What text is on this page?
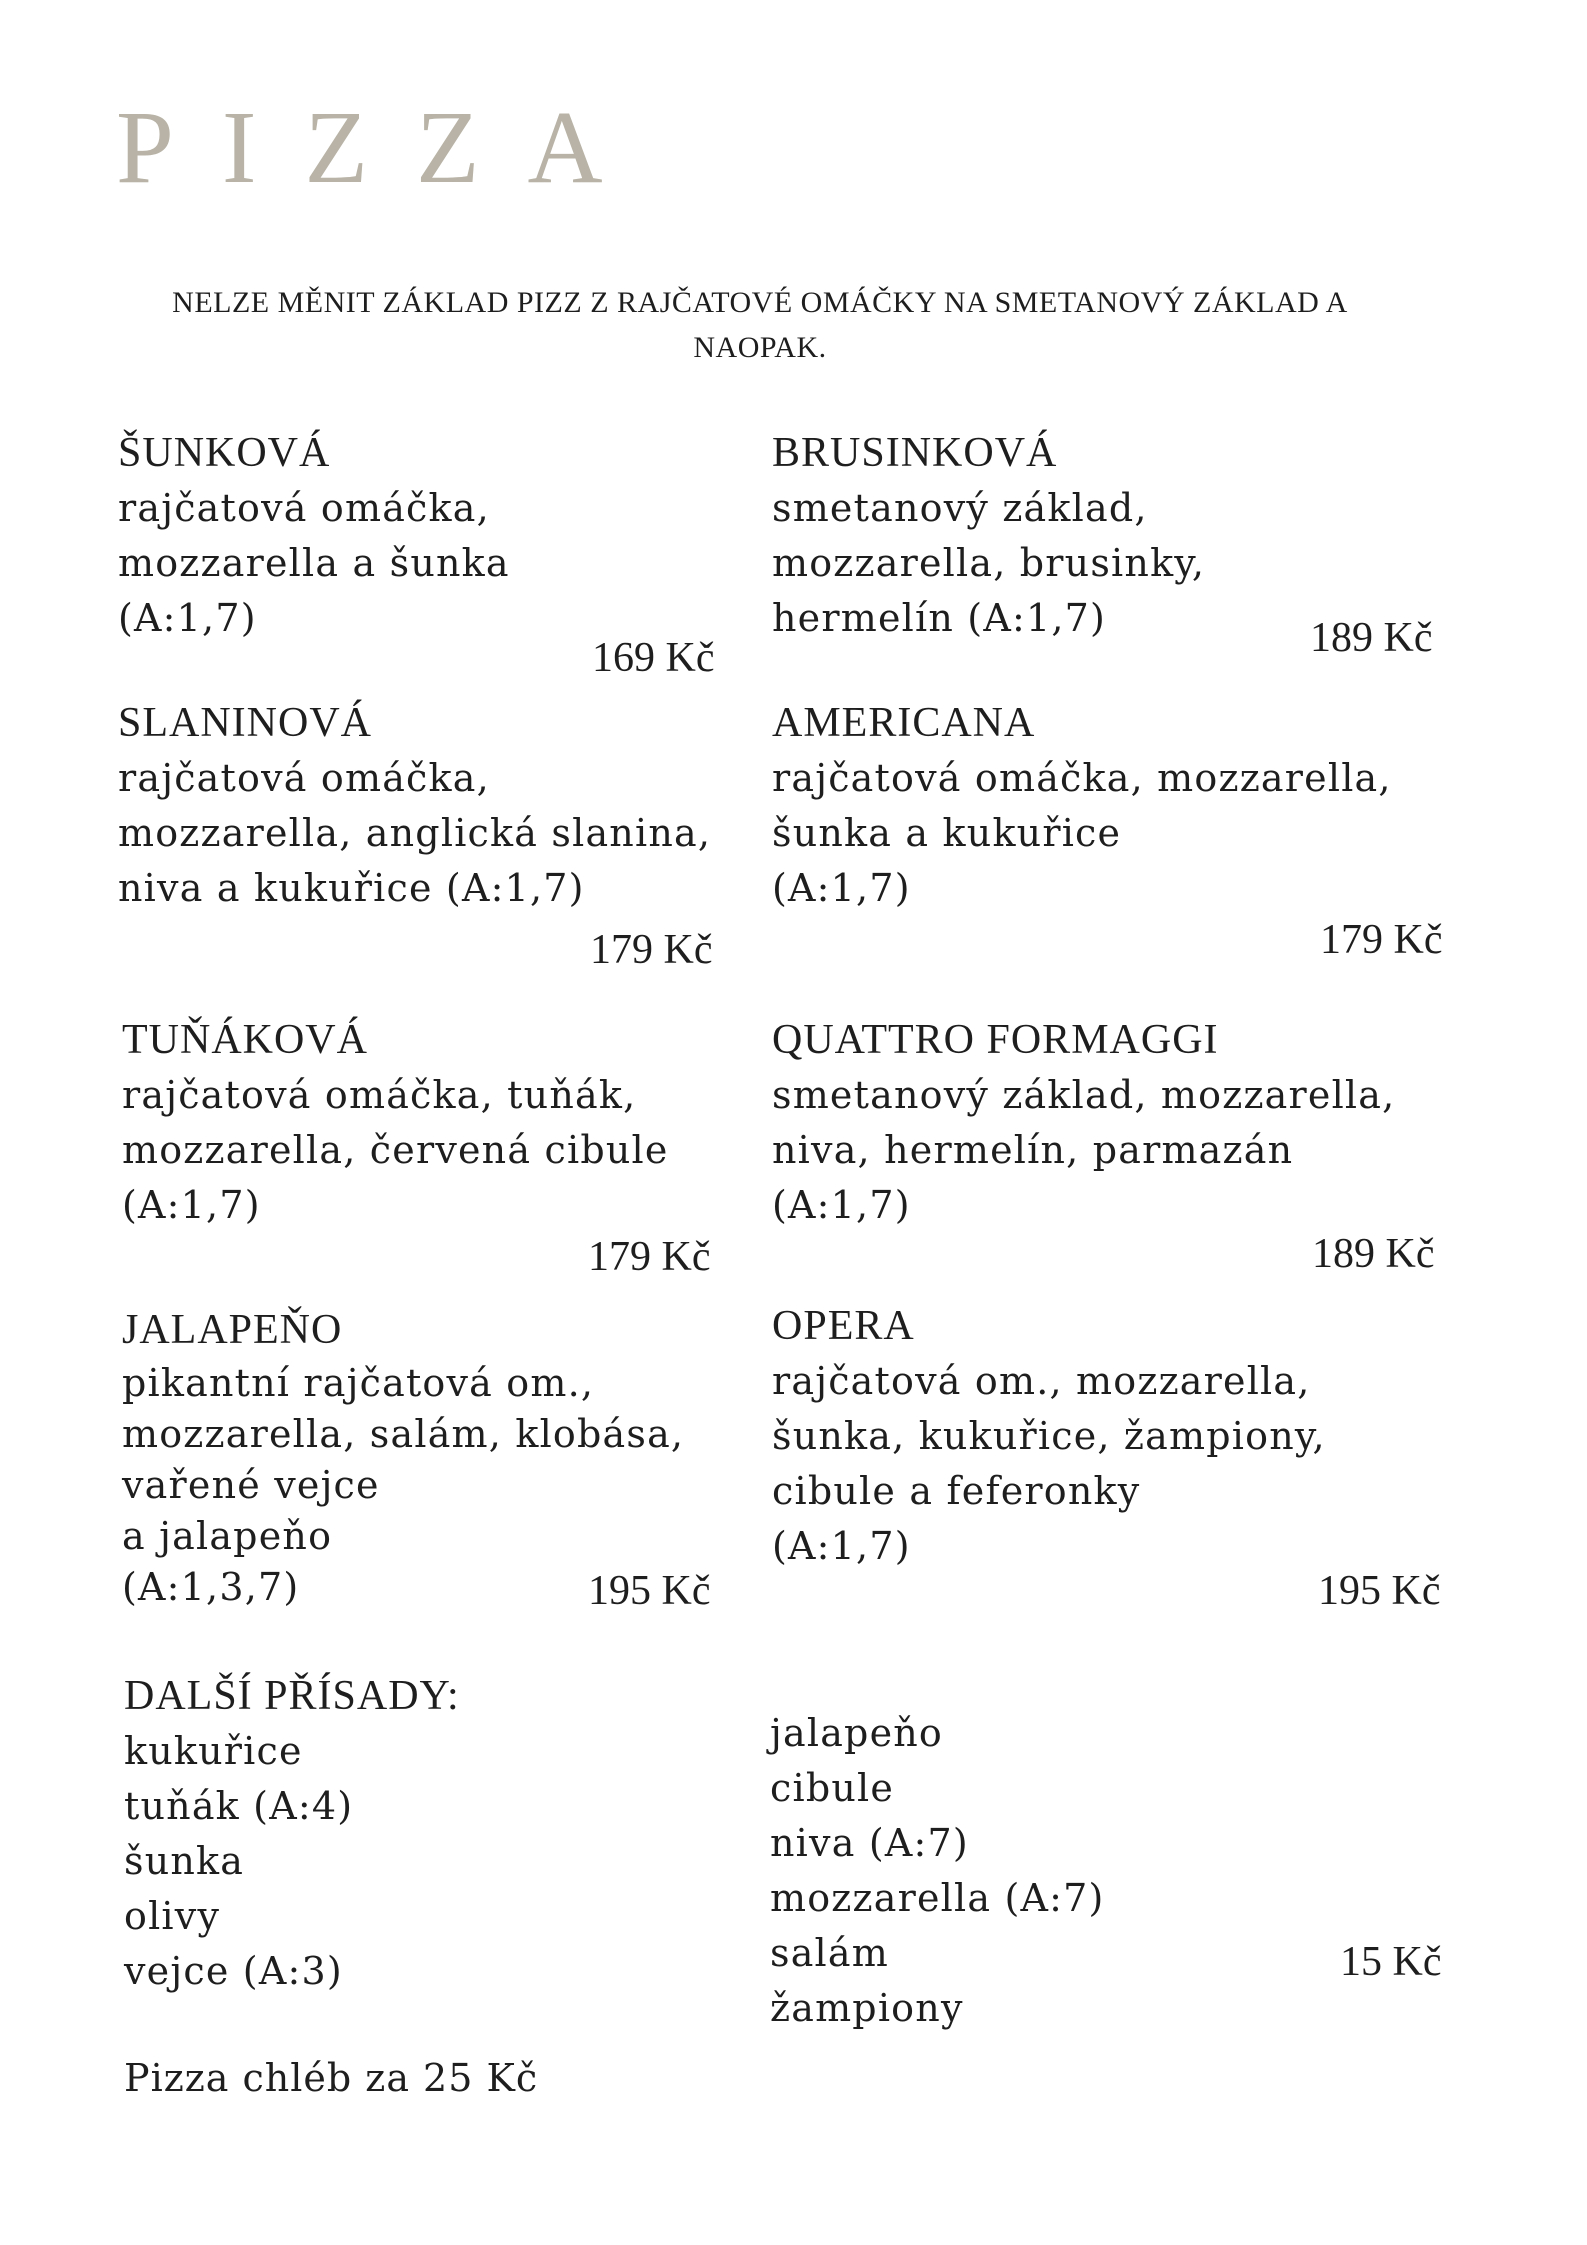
PIZZA
NELZE MĚNIT ZÁKLAD PIZZ Z RAJČATOVÉ OMÁČKY NA SMETANOVÝ ZÁKLAD A NAOPAK.
ŠUNKOVÁ
rajčatová omáčka,
mozzarella a šunka
(A:1,7)
169 Kč
BRUSINKOVÁ
smetanový základ,
mozzarella, brusinky,
hermelín (A:1,7)	189 Kč
SLANINOVÁ
rajčatová omáčka,
mozzarella, anglická slanina,
niva a kukuřice (A:1,7)
179 Kč
AMERICANA
rajčatová omáčka, mozzarella,
šunka a kukuřice
(A:1,7)
179 Kč
TUŇÁKOVÁ
rajčatová omáčka, tuňák,
mozzarella, červená cibule
(A:1,7)
179 Kč
QUATTRO FORMAGGI
smetanový základ, mozzarella,
niva, hermelín, parmazán
(A:1,7)
189 Kč
JALAPEŇO
pikantní rajčatová om.,
mozzarella, salám, klobása,
vařené vejce
a jalapeňo
(A:1,3,7)	195 Kč
OPERA
rajčatová om., mozzarella,
šunka, kukuřice, žampiony,
cibule a feferonky
(A:1,7)
195 Kč
DALŠÍ PŘÍSADY:
kukuřice
tuňák (A:4)
šunka
olivy
vejce (A:3)
jalapeňo
cibule
niva (A:7)
mozzarella (A:7)
salám
žampiony
15 Kč
Pizza chléb za 25 Kč
